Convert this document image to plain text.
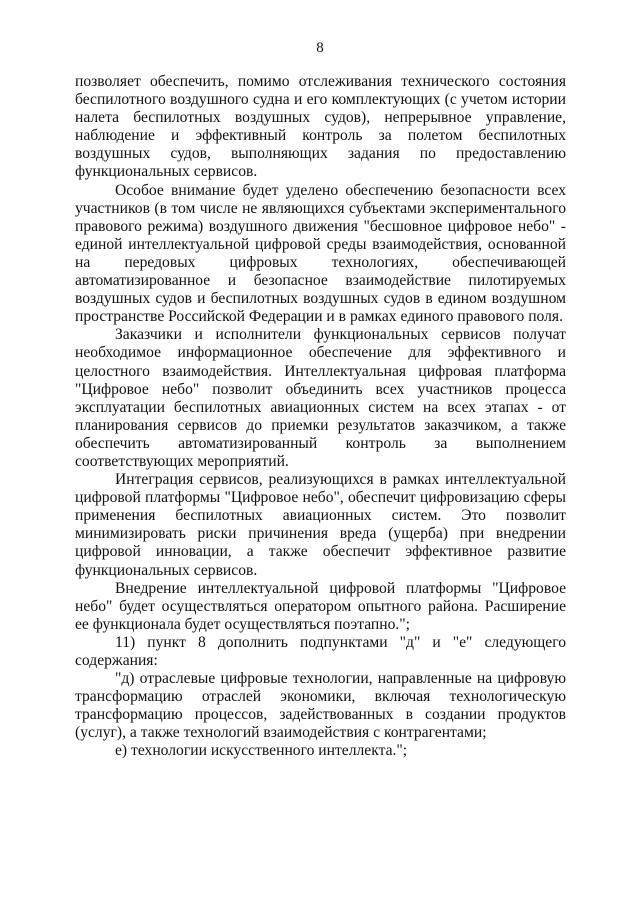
8

позволяет обеспечить, помимо отслеживания технического состояния беспилотного воздушного судна и его комплектующих (с учетом истории налета беспилотных воздушных судов), непрерывное управление, наблюдение и эффективный контроль за полетом беспилотных воздушных судов, выполняющих задания по предоставлению функциональных сервисов.

Особое внимание будет уделено обеспечению безопасности всех участников (в том числе не являющихся субъектами экспериментального правового режима) воздушного движения "бесшовное цифровое небо" - единой интеллектуальной цифровой среды взаимодействия, основанной на передовых цифровых технологиях, обеспечивающей автоматизированное и безопасное взаимодействие пилотируемых воздушных судов и беспилотных воздушных судов в едином воздушном пространстве Российской Федерации и в рамках единого правового поля.

Заказчики и исполнители функциональных сервисов получат необходимое информационное обеспечение для эффективного и целостного взаимодействия. Интеллектуальная цифровая платформа "Цифровое небо" позволит объединить всех участников процесса эксплуатации беспилотных авиационных систем на всех этапах - от планирования сервисов до приемки результатов заказчиком, а также обеспечить автоматизированный контроль за выполнением соответствующих мероприятий.

Интеграция сервисов, реализующихся в рамках интеллектуальной цифровой платформы "Цифровое небо", обеспечит цифровизацию сферы применения беспилотных авиационных систем. Это позволит минимизировать риски причинения вреда (ущерба) при внедрении цифровой инновации, а также обеспечит эффективное развитие функциональных сервисов.

Внедрение интеллектуальной цифровой платформы "Цифровое небо" будет осуществляться оператором опытного района. Расширение ее функционала будет осуществляться поэтапно.";

11) пункт 8 дополнить подпунктами "д" и "е" следующего содержания:

"д) отраслевые цифровые технологии, направленные на цифровую трансформацию отраслей экономики, включая технологическую трансформацию процессов, задействованных в создании продуктов (услуг), а также технологий взаимодействия с контрагентами;

е) технологии искусственного интеллекта.";
